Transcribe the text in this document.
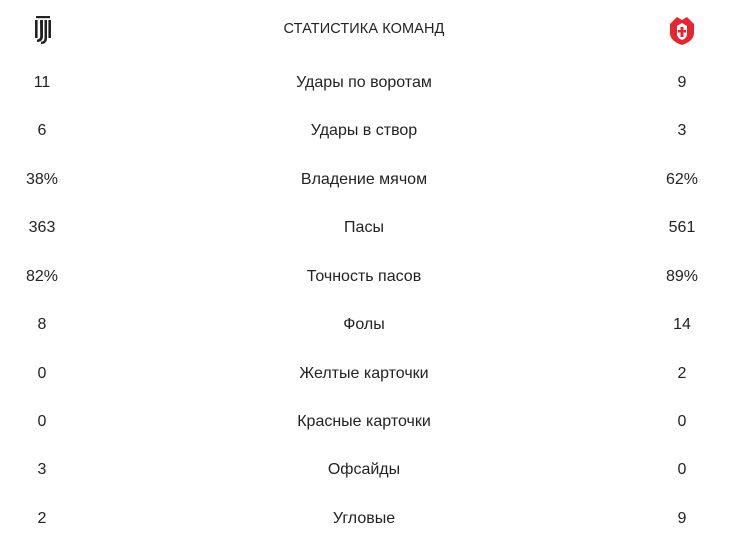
СТАТИСТИКА КОМАНД
11	Удары по воротам	9
6	Удары в створ	3
38%	Владение мячом	62%
363	Пасы	561
82%	Точность пасов	89%
8	Фолы	14
0	Желтые карточки	2
0	Красные карточки	0
3	Офсайды	0
2	Угловые	9
